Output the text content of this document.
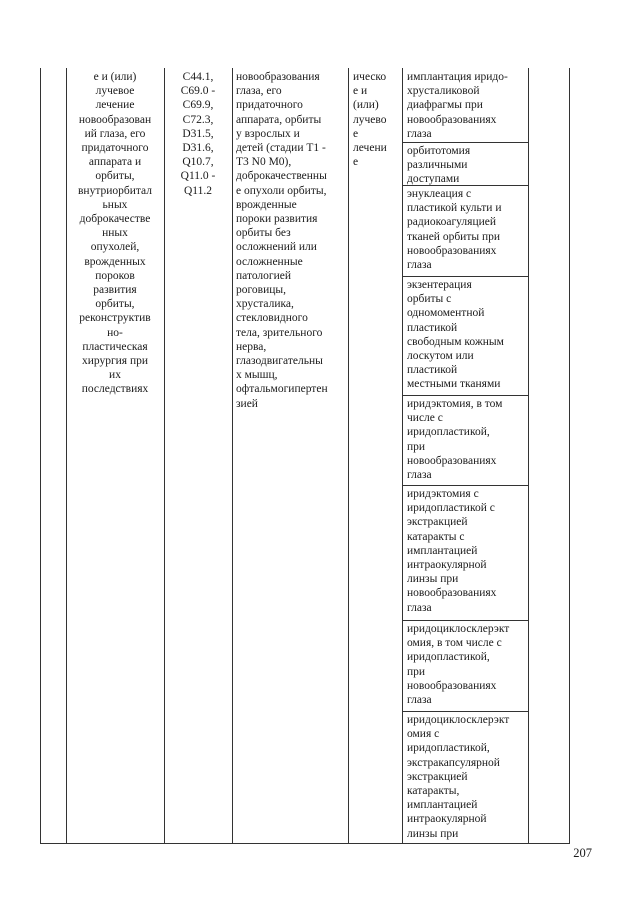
е и (или)
лучевое
лечение
новообразован
ий глаза, его
придаточного
аппарата и
орбиты,
внутриорбитал
ьных
доброкачестве
нных
опухолей,
врожденных
пороков
развития
орбиты,
реконструктив
но-
пластическая
хирургия при
их
последствиях
C44.1,
C69.0 -
C69.9,
C72.3,
D31.5,
D31.6,
Q10.7,
Q11.0 -
Q11.2
новообразования
глаза, его
придаточного
аппарата, орбиты
у взрослых и
детей (стадии T1 -
T3 N0 M0),
доброкачественны
е опухоли орбиты,
врожденные
пороки развития
орбиты без
осложнений или
осложненные
патологией
роговицы,
хрусталика,
стекловидного
тела, зрительного
нерва,
глазодвигательны
х мышц,
офтальмогипертен
зией
ическо
е и
(или)
лучево
е
лечени
е
имплантация иридо-
хрусталиковой
диафрагмы при
новообразованиях
глаза
орбитотомия
различными
доступами
энуклеация с
пластикой культи и
радиокоагуляцией
тканей орбиты при
новообразованиях
глаза
экзентерация
орбиты с
одномоментной
пластикой
свободным кожным
лоскутом или
пластикой
местными тканями
иридэктомия, в том
числе с
иридопластикой,
при
новообразованиях
глаза
иридэктомия с
иридопластикой с
экстракцией
катаракты с
имплантацией
интраокулярной
линзы при
новообразованиях
глаза
иридоциклосклерэкт
омия, в том числе с
иридопластикой,
при
новообразованиях
глаза
иридоциклосклерэкт
омия с
иридопластикой,
экстракапсулярной
экстракцией
катаракты,
имплантацией
интраокулярной
линзы при
207
